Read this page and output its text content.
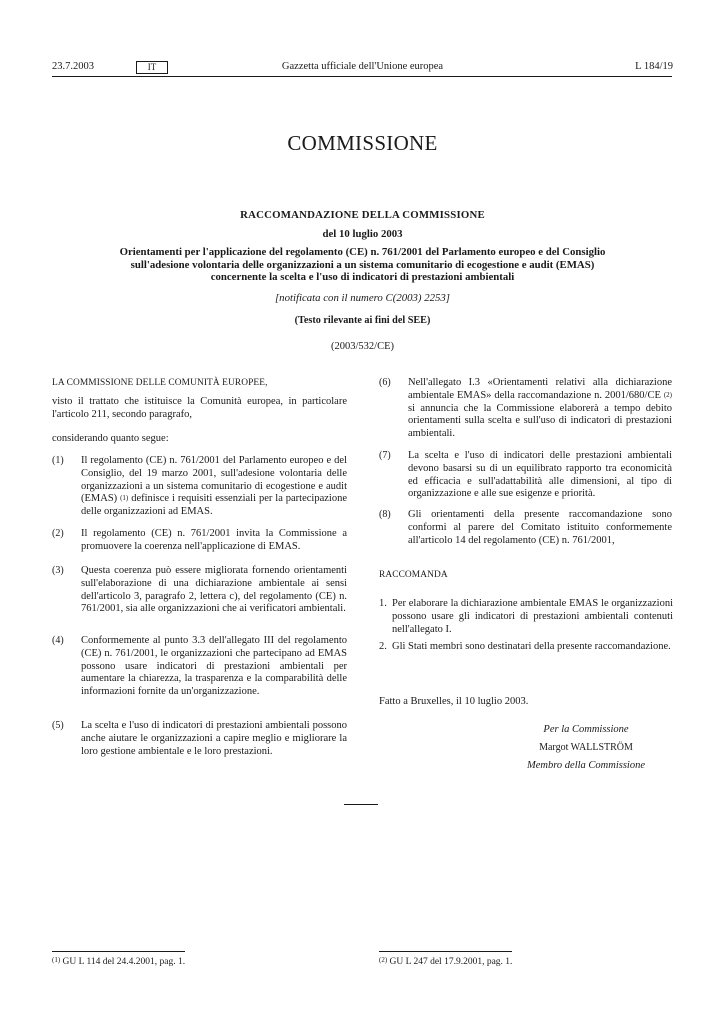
23.7.2003	IT	Gazzetta ufficiale dell'Unione europea	L 184/19
COMMISSIONE
RACCOMANDAZIONE DELLA COMMISSIONE
del 10 luglio 2003
Orientamenti per l'applicazione del regolamento (CE) n. 761/2001 del Parlamento europeo e del Consiglio sull'adesione volontaria delle organizzazioni a un sistema comunitario di ecogestione e audit (EMAS) concernente la scelta e l'uso di indicatori di prestazioni ambientali
[notificata con il numero C(2003) 2253]
(Testo rilevante ai fini del SEE)
(2003/532/CE)
LA COMMISSIONE DELLE COMUNITÀ EUROPEE,
visto il trattato che istituisce la Comunità europea, in particolare l'articolo 211, secondo paragrafo,
considerando quanto segue:
(1)	Il regolamento (CE) n. 761/2001 del Parlamento europeo e del Consiglio, del 19 marzo 2001, sull'adesione volontaria delle organizzazioni a un sistema comunitario di ecogestione e audit (EMAS) $^{(1)}$ definisce i requisiti essenziali per la partecipazione delle organizzazioni ad EMAS.
(2)	Il regolamento (CE) n. 761/2001 invita la Commissione a promuovere la coerenza nell'applicazione di EMAS.
(3)	Questa coerenza può essere migliorata fornendo orientamenti sull'elaborazione di una dichiarazione ambientale ai sensi dell'articolo 3, paragrafo 2, lettera c), del regolamento (CE) n. 761/2001, sia alle organizzazioni che ai verificatori ambientali.
(4)	Conformemente al punto 3.3 dell'allegato III del regolamento (CE) n. 761/2001, le organizzazioni che partecipano ad EMAS possono usare indicatori di prestazioni ambientali per aumentare la chiarezza, la trasparenza e la comparabilità delle informazioni fornite da un'organizzazione.
(5)	La scelta e l'uso di indicatori di prestazioni ambientali possono anche aiutare le organizzazioni a capire meglio e migliorare la loro gestione ambientale e le loro prestazioni.
(6)	Nell'allegato I.3 «Orientamenti relativi alla dichiarazione ambientale EMAS» della raccomandazione n. 2001/680/CE $^{(2)}$ si annuncia che la Commissione elaborerà a tempo debito orientamenti sulla scelta e sull'uso di indicatori di prestazioni ambientali.
(7)	La scelta e l'uso di indicatori delle prestazioni ambientali devono basarsi su di un equilibrato rapporto tra economicità ed efficacia e sull'adattabilità alle dimensioni, al tipo di organizzazione e alle sue esigenze e priorità.
(8)	Gli orientamenti della presente raccomandazione sono conformi al parere del Comitato istituito conformemente all'articolo 14 del regolamento (CE) n. 761/2001,
RACCOMANDA
1. Per elaborare la dichiarazione ambientale EMAS le organizzazioni possono usare gli indicatori di prestazioni ambientali contenuti nell'allegato I.
2. Gli Stati membri sono destinatari della presente raccomandazione.
Fatto a Bruxelles, il 10 luglio 2003.
Per la Commissione
Margot WALLSTRÖM
Membro della Commissione
$^{(1)}$ GU L 114 del 24.4.2001, pag. 1.	$^{(2)}$ GU L 247 del 17.9.2001, pag. 1.
